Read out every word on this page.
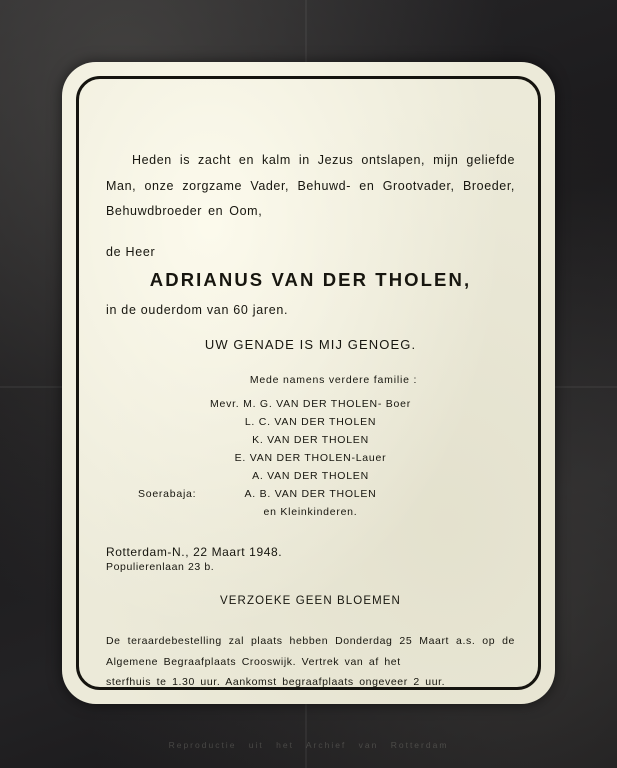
Heden is zacht en kalm in Jezus ontslapen, mijn geliefde Man, onze zorgzame Vader, Behuwd- en Grootvader, Broeder, Behuwdbroeder en Oom,

de Heer

ADRIANUS VAN DER THOLEN,

in de ouderdom van 60 jaren.

UW GENADE IS MIJ GENOEG.

Mede namens verdere familie :

Mevr. M. G. VAN DER THOLEN- Boer
L. C. VAN DER THOLEN
K. VAN DER THOLEN
E. VAN DER THOLEN-Lauer
A. VAN DER THOLEN
Soerabaja:	A. B. VAN DER THOLEN
en Kleinkinderen.

Rotterdam-N., 22 Maart 1948.

Populierenlaan 23 b.

VERZOEKE GEEN BLOEMEN

De teraardebestelling zal plaats hebben Donderdag 25 Maart a.s. op de Algemene Begraafplaats Crooswijk. Vertrek van af het
sterfhuis te 1.30 uur. Aankomst begraafplaats ongeveer 2 uur.

Reproductie uit het Archief van Rotterdam
